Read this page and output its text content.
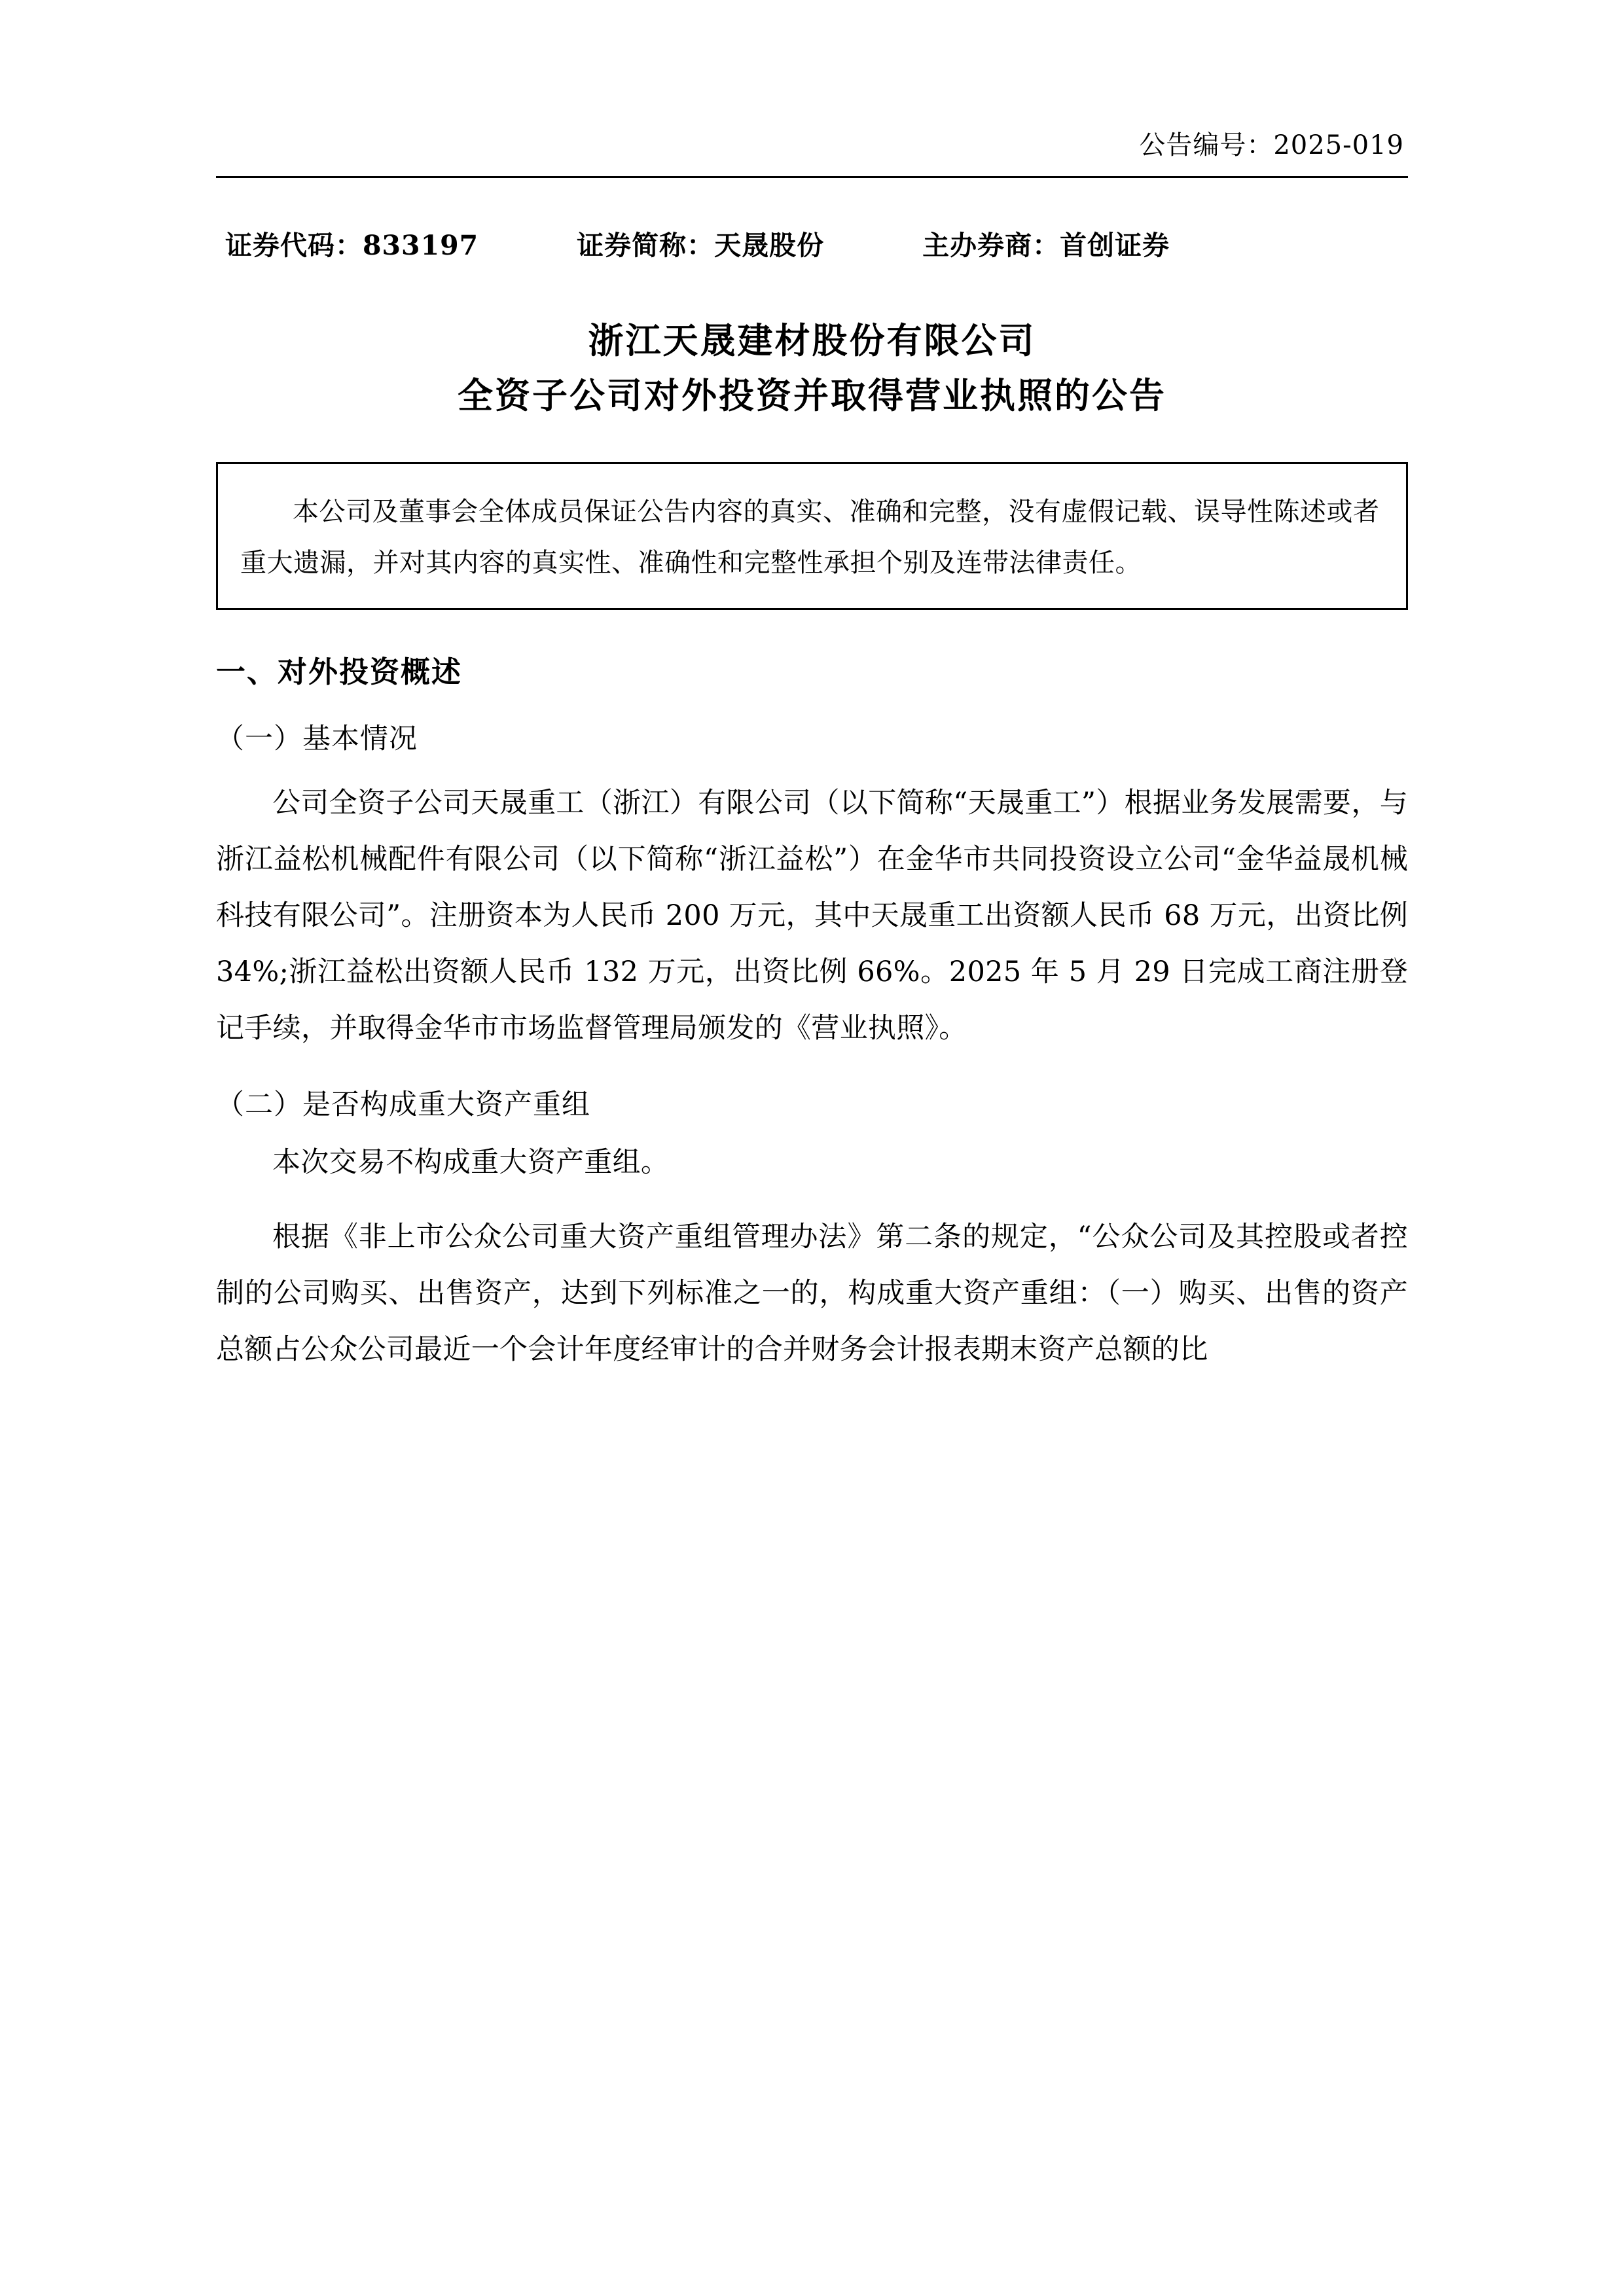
公告编号：2025-019
证券代码：833197	证券简称：天晟股份	主办券商：首创证券
浙江天晟建材股份有限公司
全资子公司对外投资并取得营业执照的公告
本公司及董事会全体成员保证公告内容的真实、准确和完整，没有虚假记载、误导性陈述或者重大遗漏，并对其内容的真实性、准确性和完整性承担个别及连带法律责任。
一、对外投资概述
（一）基本情况
公司全资子公司天晟重工（浙江）有限公司（以下简称“天晟重工”）根据业务发展需要，与浙江益松机械配件有限公司（以下简称“浙江益松”）在金华市共同投资设立公司“金华益晟机械科技有限公司”。注册资本为人民币 200 万元，其中天晟重工出资额人民币 68 万元，出资比例 34%;浙江益松出资额人民币 132 万元，出资比例 66%。2025 年 5 月 29 日完成工商注册登记手续，并取得金华市市场监督管理局颁发的《营业执照》。
（二）是否构成重大资产重组
本次交易不构成重大资产重组。
根据《非上市公众公司重大资产重组管理办法》第二条的规定，“公众公司及其控股或者控制的公司购买、出售资产，达到下列标准之一的，构成重大资产重组：（一）购买、出售的资产总额占公众公司最近一个会计年度经审计的合并财务会计报表期末资产总额的比
